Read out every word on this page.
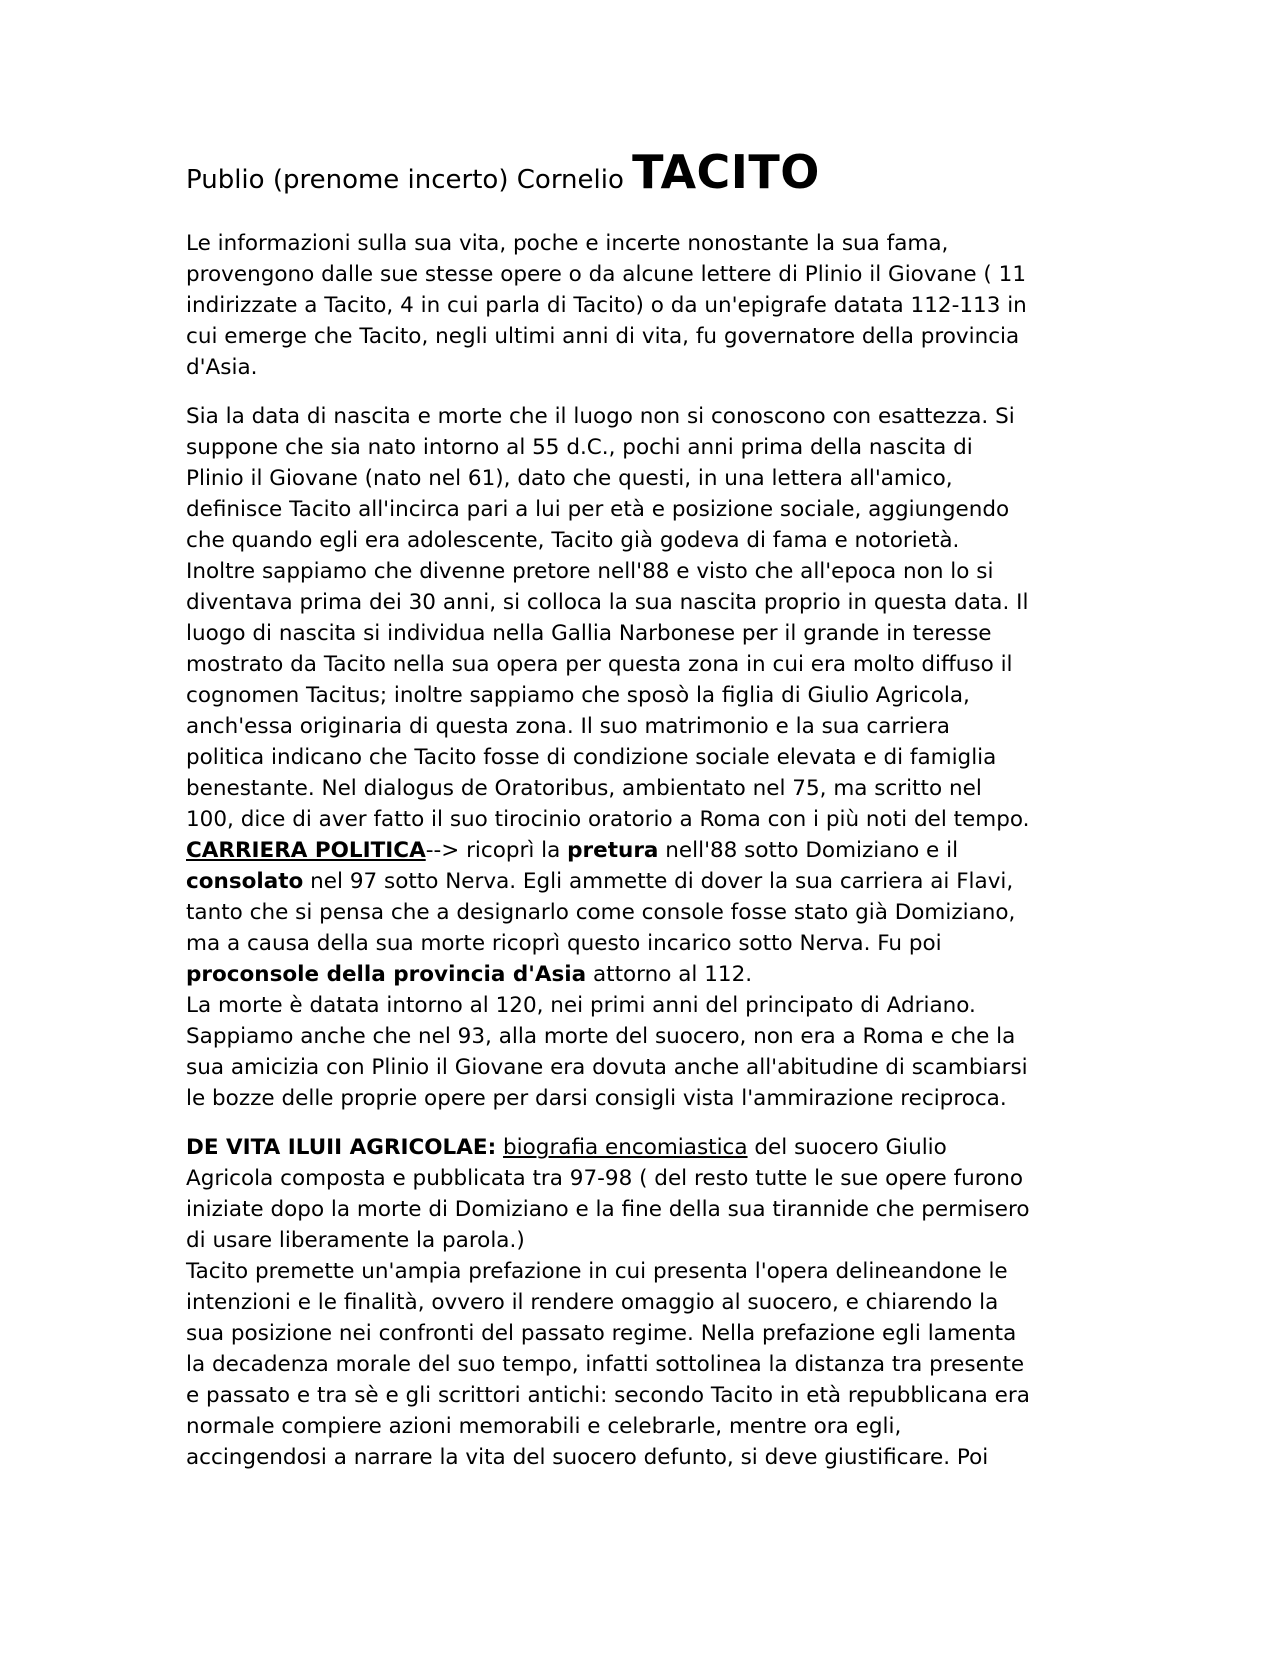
Publio (prenome incerto) Cornelio TACITO

Le informazioni sulla sua vita, poche e incerte nonostante la sua fama,

provengono dalle sue stesse opere o da alcune lettere di Plinio il Giovane ( 11

indirizzate a Tacito, 4 in cui parla di Tacito) o da un'epigrafe datata 112-113 in

cui emerge che Tacito, negli ultimi anni di vita, fu governatore della provincia

d'Asia.

Sia la data di nascita e morte che il luogo non si conoscono con esattezza. Si

suppone che sia nato intorno al 55 d.C., pochi anni prima della nascita di

Plinio il Giovane (nato nel 61), dato che questi, in una lettera all'amico,

definisce Tacito all'incirca pari a lui per età e posizione sociale, aggiungendo

che quando egli era adolescente, Tacito già godeva di fama e notorietà.

Inoltre sappiamo che divenne pretore nell'88 e visto che all'epoca non lo si

diventava prima dei 30 anni, si colloca la sua nascita proprio in questa data. Il

luogo di nascita si individua nella Gallia Narbonese per il grande in teresse

mostrato da Tacito nella sua opera per questa zona in cui era molto diffuso il

cognomen Tacitus; inoltre sappiamo che sposò la figlia di Giulio Agricola,

anch'essa originaria di questa zona. Il suo matrimonio e la sua carriera

politica indicano che Tacito fosse di condizione sociale elevata e di famiglia

benestante. Nel dialogus de Oratoribus, ambientato nel 75, ma scritto nel

100, dice di aver fatto il suo tirocinio oratorio a Roma con i più noti del tempo.

CARRIERA POLITICA--> ricoprì la pretura nell'88 sotto Domiziano e il

consolato nel 97 sotto Nerva. Egli ammette di dover la sua carriera ai Flavi,

tanto che si pensa che a designarlo come console fosse stato già Domiziano,

ma a causa della sua morte ricoprì questo incarico sotto Nerva. Fu poi

proconsole della provincia d'Asia attorno al 112.

La morte è datata intorno al 120, nei primi anni del principato di Adriano.

Sappiamo anche che nel 93, alla morte del suocero, non era a Roma e che la

sua amicizia con Plinio il Giovane era dovuta anche all'abitudine di scambiarsi

le bozze delle proprie opere per darsi consigli vista l'ammirazione reciproca.

DE VITA ILUII AGRICOLAE: biografia encomiastica del suocero Giulio

Agricola composta e pubblicata tra 97-98 ( del resto tutte le sue opere furono

iniziate dopo la morte di Domiziano e la fine della sua tirannide che permisero

di usare liberamente la parola.)

Tacito premette un'ampia prefazione in cui presenta l'opera delineandone le

intenzioni e le finalità, ovvero il rendere omaggio al suocero, e chiarendo la

sua posizione nei confronti del passato regime. Nella prefazione egli lamenta

la decadenza morale del suo tempo, infatti sottolinea la distanza tra presente

e passato e tra sè e gli scrittori antichi: secondo Tacito in età repubblicana era

normale compiere azioni memorabili e celebrarle, mentre ora egli,

accingendosi a narrare la vita del suocero defunto, si deve giustificare. Poi
